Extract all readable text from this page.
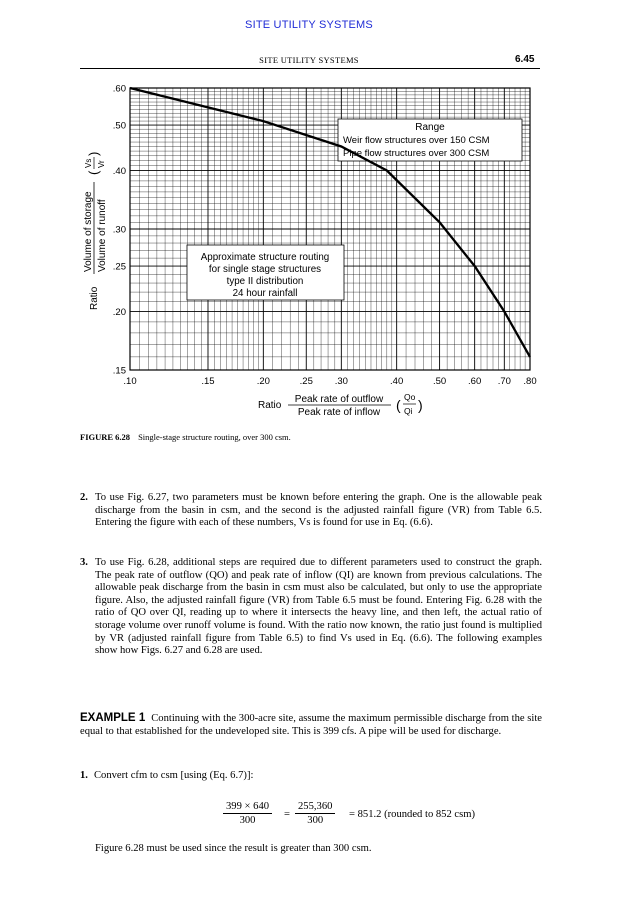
SITE UTILITY SYSTEMS
SITE UTILITY SYSTEMS	6.45
.10	.15	.20	.25 .30	.40	.50 .60 .70 .80
.15
.20
.25
.30
.40
.50
.60
Range
Weir flow structures over 150 CSM
Pipe flow structures over 300 CSM
Approximate structure routing
for single stage structures
type II distribution
24 hour rainfall
Ratio
Volume of storage Volume of runoff
(
Vs Vr
)
Ratio
Peak rate of outflow
Peak rate of inflow ( Qo
Qi )
FIGURE 6.28 Single-stage structure routing, over 300 csm.
2. To use Fig. 6.27, two parameters must be known before entering the graph. One is the allowable peak discharge from the basin in csm, and the second is the adjusted rainfall figure (VR) from Table 6.5. Entering the figure with each of these numbers, Vs is found for use in Eq. (6.6).
3. To use Fig. 6.28, additional steps are required due to different parameters used to construct the graph. The peak rate of outflow (QO) and peak rate of inflow (QI) are known from previous calculations. The allowable peak discharge from the basin in csm must also be calculated, but only to use the appropriate figure. Also, the adjusted rainfall figure (VR) from Table 6.5 must be found. Entering Fig. 6.28 with the ratio of QO over QI, reading up to where it intersects the heavy line, and then left, the actual ratio of storage volume over runoff volume is found. With the ratio now known, the ratio just found is multiplied by VR (adjusted rainfall figure from Table 6.5) to find Vs used in Eq. (6.6). The following examples show how Figs. 6.27 and 6.28 are used.
EXAMPLE 1 Continuing with the 300-acre site, assume the maximum permissible discharge from the site equal to that established for the undeveloped site. This is 399 cfs. A pipe will be used for discharge.
1. Convert cfm to csm [using (Eq. 6.7)]:
$\frac{399 \times 640}{300} = \frac{255,360}{300} = 851.2$ (rounded to 852 csm)
Figure 6.28 must be used since the result is greater than 300 csm.
